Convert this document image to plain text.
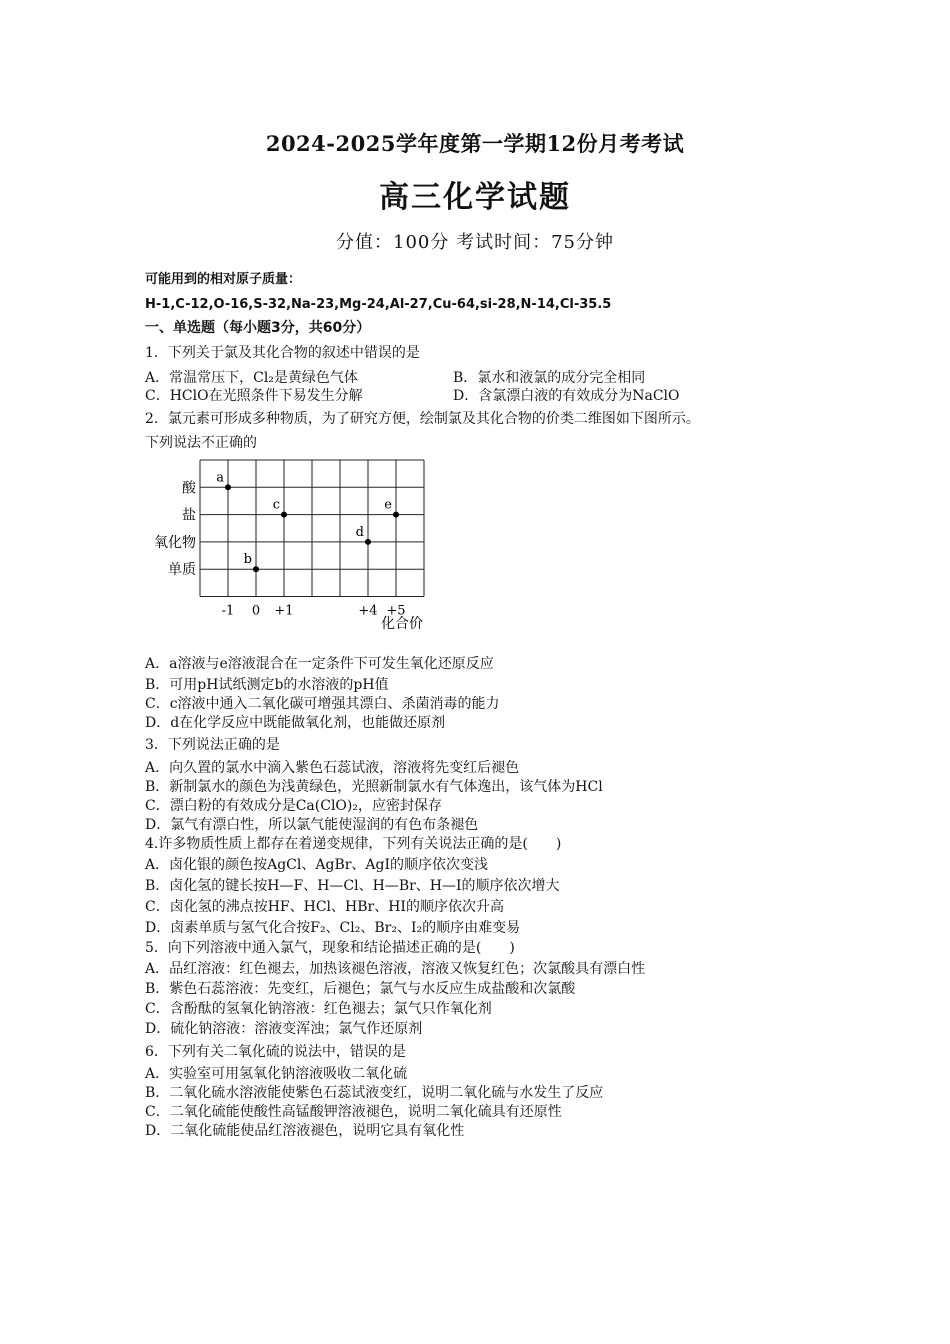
2024-2025学年度第一学期12份月考考试
高三化学试题
分值：100分 考试时间：75分钟
可能用到的相对原子质量：
H-1,C-12,O-16,S-32,Na-23,Mg-24,Al-27,Cu-64,si-28,N-14,Cl-35.5
一、单选题（每小题3分，共60分）
1．下列关于氯及其化合物的叙述中错误的是
A．常温常压下，Cl₂是黄绿色气体	B．氯水和液氯的成分完全相同
C．HClO在光照条件下易发生分解	D．含氯漂白液的有效成分为NaClO
2．氯元素可形成多种物质，为了研究方便，绘制氯及其化合物的价类二维图如下图所示。
下列说法不正确的
单质
氧化物
盐
酸
-1 0 +1	+4 +5
a
b
c
d
e
化合价
A．a溶液与e溶液混合在一定条件下可发生氧化还原反应
B．可用pH试纸测定b的水溶液的pH值
C．c溶液中通入二氧化碳可增强其漂白、杀菌消毒的能力
D．d在化学反应中既能做氧化剂，也能做还原剂
3．下列说法正确的是
A．向久置的氯水中滴入紫色石蕊试液，溶液将先变红后褪色
B．新制氯水的颜色为浅黄绿色，光照新制氯水有气体逸出，该气体为HCl
C．漂白粉的有效成分是Ca(ClO)₂，应密封保存
D．氯气有漂白性，所以氯气能使湿润的有色布条褪色
4.许多物质性质上都存在着递变规律，下列有关说法正确的是(　　)
A．卤化银的颜色按AgCl、AgBr、AgI的顺序依次变浅
B．卤化氢的键长按H—F、H—Cl、H—Br、H—I的顺序依次增大
C．卤化氢的沸点按HF、HCl、HBr、HI的顺序依次升高
D．卤素单质与氢气化合按F₂、Cl₂、Br₂、I₂的顺序由难变易
5．向下列溶液中通入氯气，现象和结论描述正确的是(　　)
A．品红溶液：红色褪去，加热该褪色溶液，溶液又恢复红色；次氯酸具有漂白性
B．紫色石蕊溶液：先变红，后褪色；氯气与水反应生成盐酸和次氯酸
C．含酚酞的氢氧化钠溶液：红色褪去；氯气只作氧化剂
D．硫化钠溶液：溶液变浑浊；氯气作还原剂
6．下列有关二氧化硫的说法中，错误的是
A．实验室可用氢氧化钠溶液吸收二氧化硫
B．二氧化硫水溶液能使紫色石蕊试液变红，说明二氧化硫与水发生了反应
C．二氧化硫能使酸性高锰酸钾溶液褪色，说明二氧化硫具有还原性
D．二氧化硫能使品红溶液褪色，说明它具有氧化性
